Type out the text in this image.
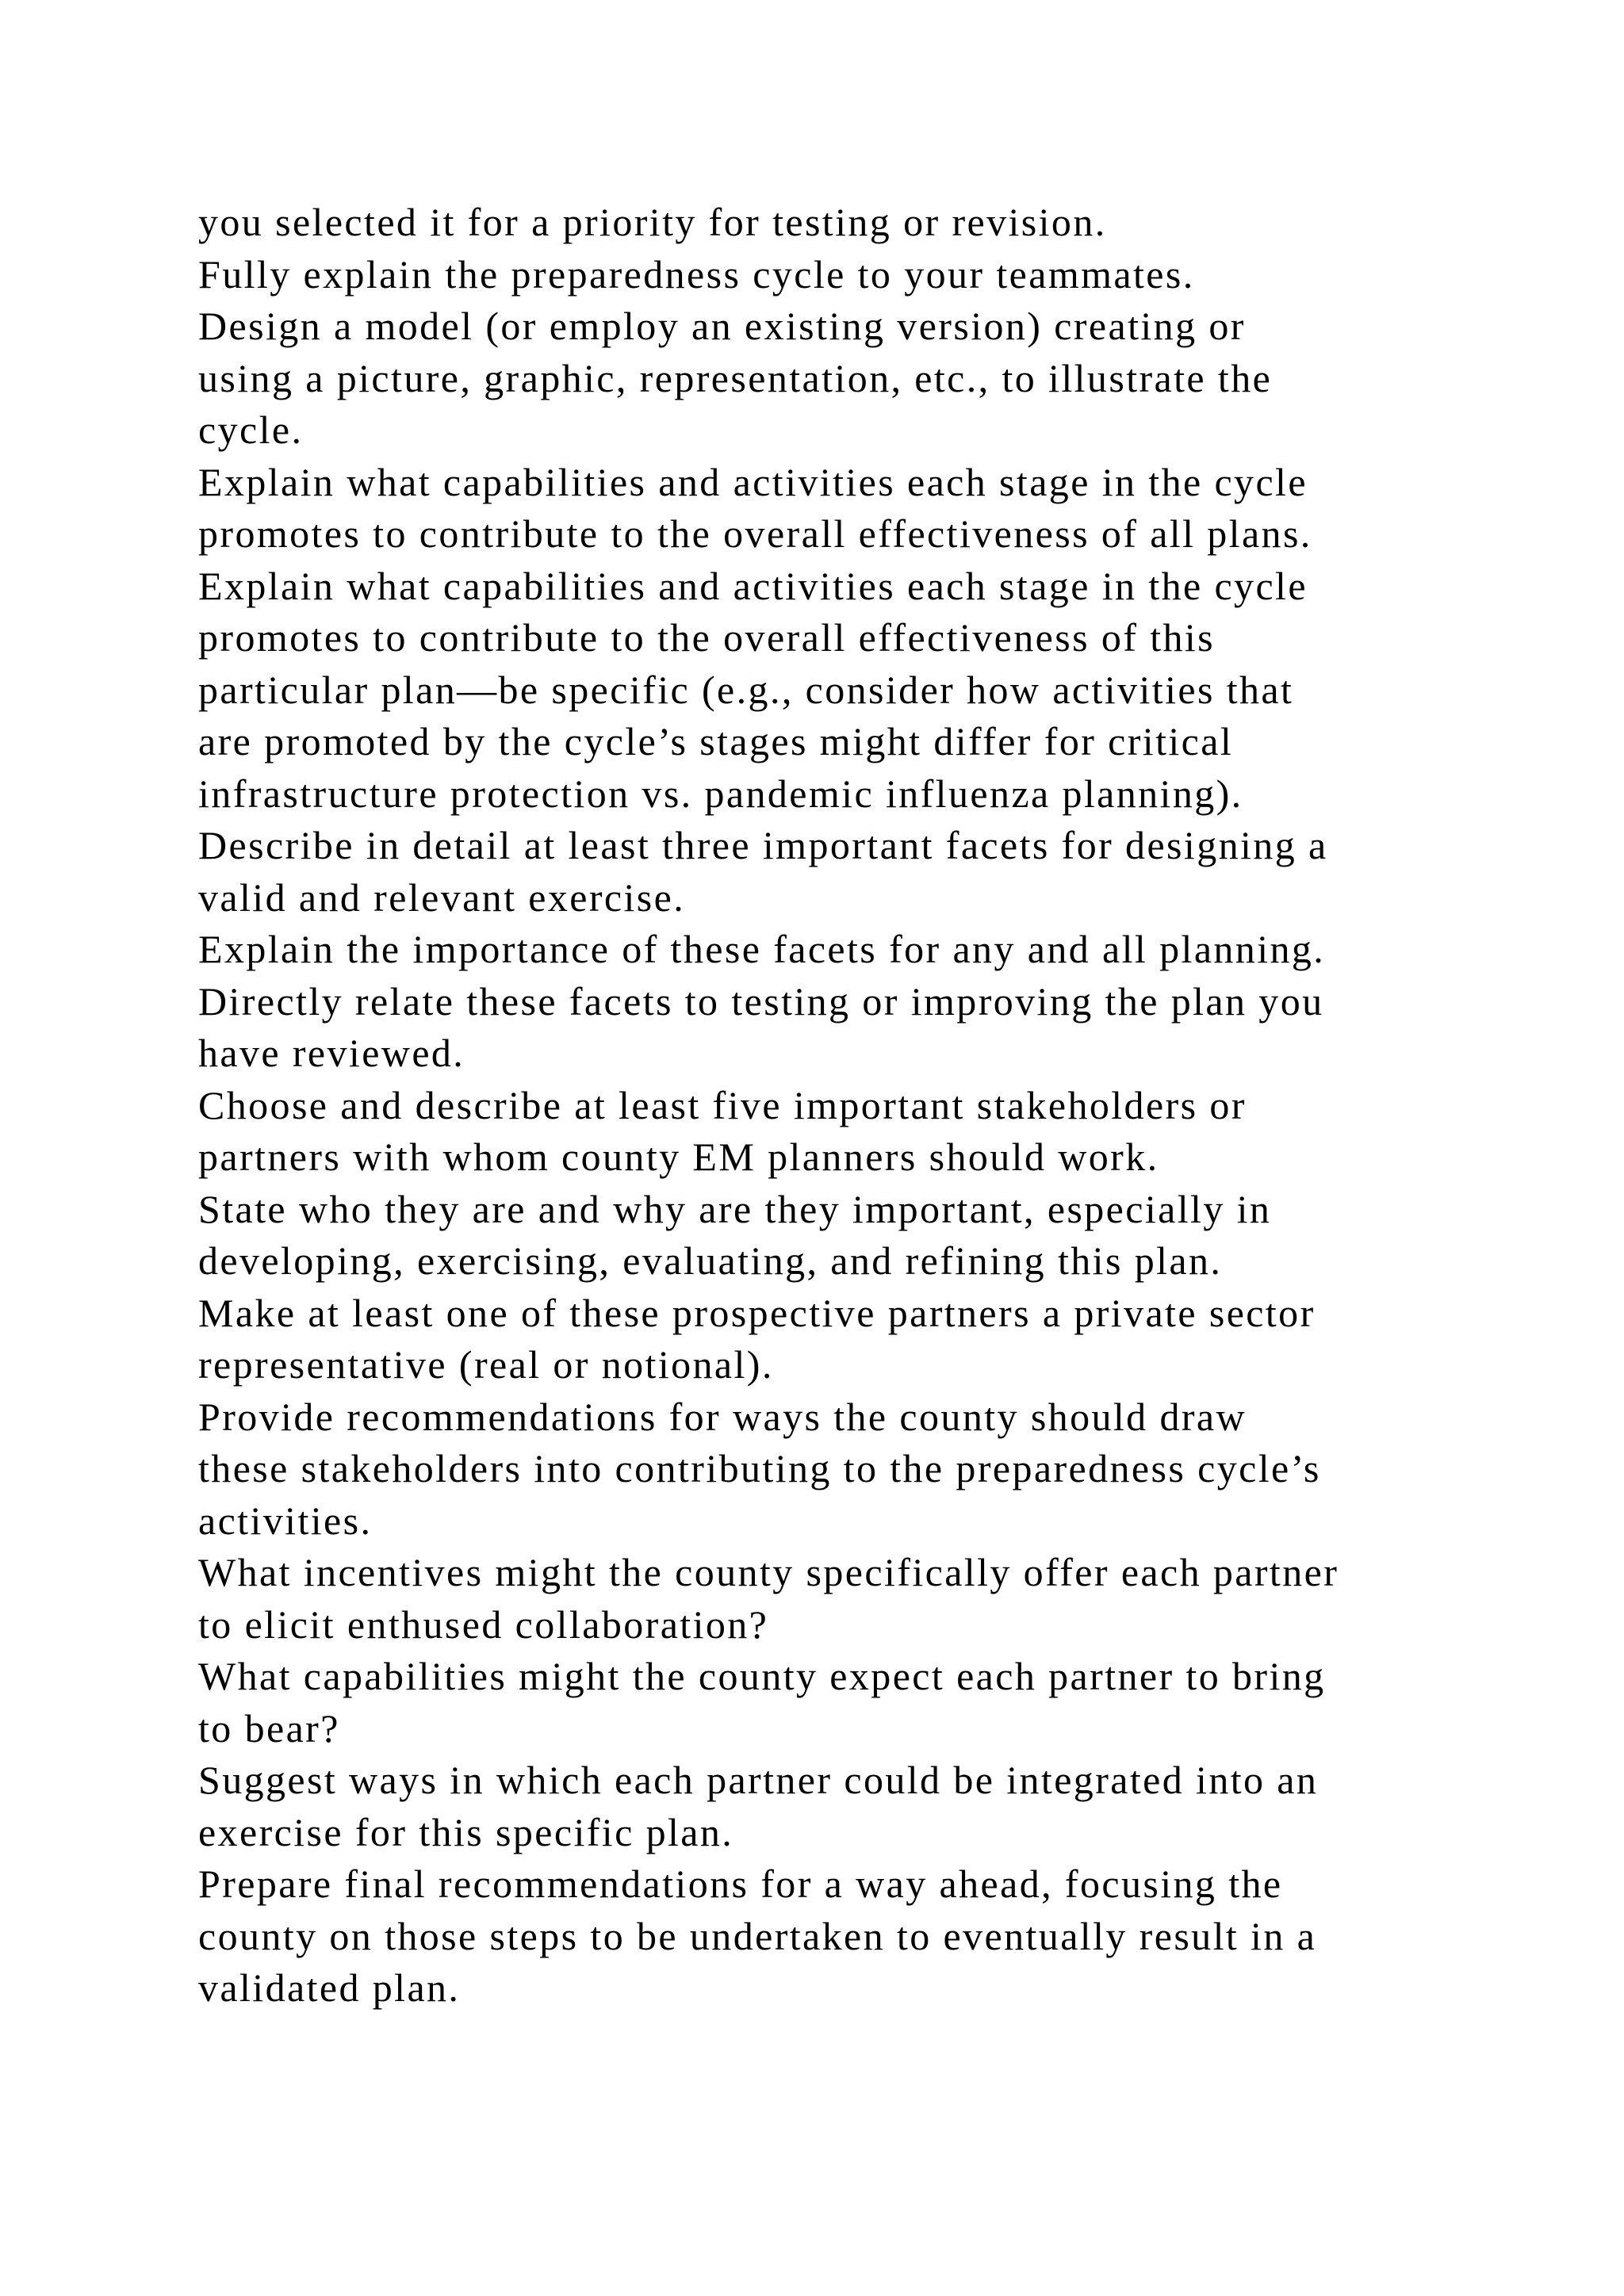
you selected it for a priority for testing or revision.
Fully explain the preparedness cycle to your teammates.
Design a model (or employ an existing version) creating or
using a picture, graphic, representation, etc., to illustrate the
cycle.
Explain what capabilities and activities each stage in the cycle
promotes to contribute to the overall effectiveness of all plans.
Explain what capabilities and activities each stage in the cycle
promotes to contribute to the overall effectiveness of this
particular plan—be specific (e.g., consider how activities that
are promoted by the cycle’s stages might differ for critical
infrastructure protection vs. pandemic influenza planning).
Describe in detail at least three important facets for designing a
valid and relevant exercise.
Explain the importance of these facets for any and all planning.
Directly relate these facets to testing or improving the plan you
have reviewed.
Choose and describe at least five important stakeholders or
partners with whom county EM planners should work.
State who they are and why are they important, especially in
developing, exercising, evaluating, and refining this plan.
Make at least one of these prospective partners a private sector
representative (real or notional).
Provide recommendations for ways the county should draw
these stakeholders into contributing to the preparedness cycle’s
activities.
What incentives might the county specifically offer each partner
to elicit enthused collaboration?
What capabilities might the county expect each partner to bring
to bear?
Suggest ways in which each partner could be integrated into an
exercise for this specific plan.
Prepare final recommendations for a way ahead, focusing the
county on those steps to be undertaken to eventually result in a
validated plan.
